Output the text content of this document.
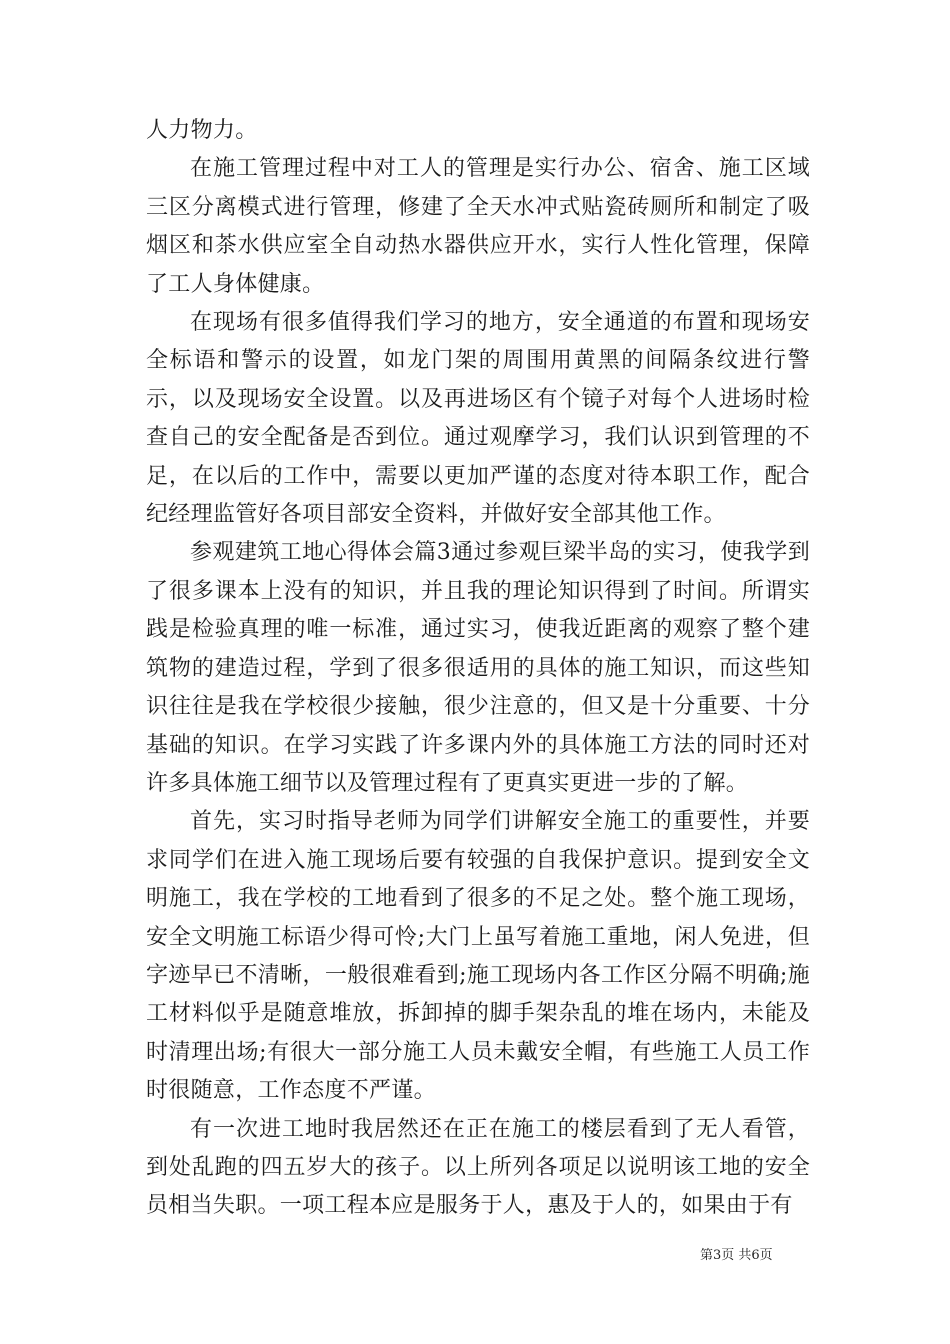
人力物力。

在施工管理过程中对工人的管理是实行办公、宿舍、施工区域三区分离模式进行管理，修建了全天水冲式贴瓷砖厕所和制定了吸烟区和茶水供应室全自动热水器供应开水，实行人性化管理，保障了工人身体健康。

在现场有很多值得我们学习的地方，安全通道的布置和现场安全标语和警示的设置，如龙门架的周围用黄黑的间隔条纹进行警示，以及现场安全设置。以及再进场区有个镜子对每个人进场时检查自己的安全配备是否到位。通过观摩学习，我们认识到管理的不足，在以后的工作中，需要以更加严谨的态度对待本职工作，配合纪经理监管好各项目部安全资料，并做好安全部其他工作。

参观建筑工地心得体会篇3通过参观巨梁半岛的实习，使我学到了很多课本上没有的知识，并且我的理论知识得到了时间。所谓实践是检验真理的唯一标准，通过实习，使我近距离的观察了整个建筑物的建造过程，学到了很多很适用的具体的施工知识，而这些知识往往是我在学校很少接触，很少注意的，但又是十分重要、十分基础的知识。在学习实践了许多课内外的具体施工方法的同时还对许多具体施工细节以及管理过程有了更真实更进一步的了解。

首先，实习时指导老师为同学们讲解安全施工的重要性，并要求同学们在进入施工现场后要有较强的自我保护意识。提到安全文明施工，我在学校的工地看到了很多的不足之处。整个施工现场，安全文明施工标语少得可怜;大门上虽写着施工重地，闲人免进，但字迹早已不清晰，一般很难看到;施工现场内各工作区分隔不明确;施工材料似乎是随意堆放，拆卸掉的脚手架杂乱的堆在场内，未能及时清理出场;有很大一部分施工人员未戴安全帽，有些施工人员工作时很随意，工作态度不严谨。

有一次进工地时我居然还在正在施工的楼层看到了无人看管，到处乱跑的四五岁大的孩子。以上所列各项足以说明该工地的安全员相当失职。一项工程本应是服务于人，惠及于人的，如果由于有

第3页 共6页
